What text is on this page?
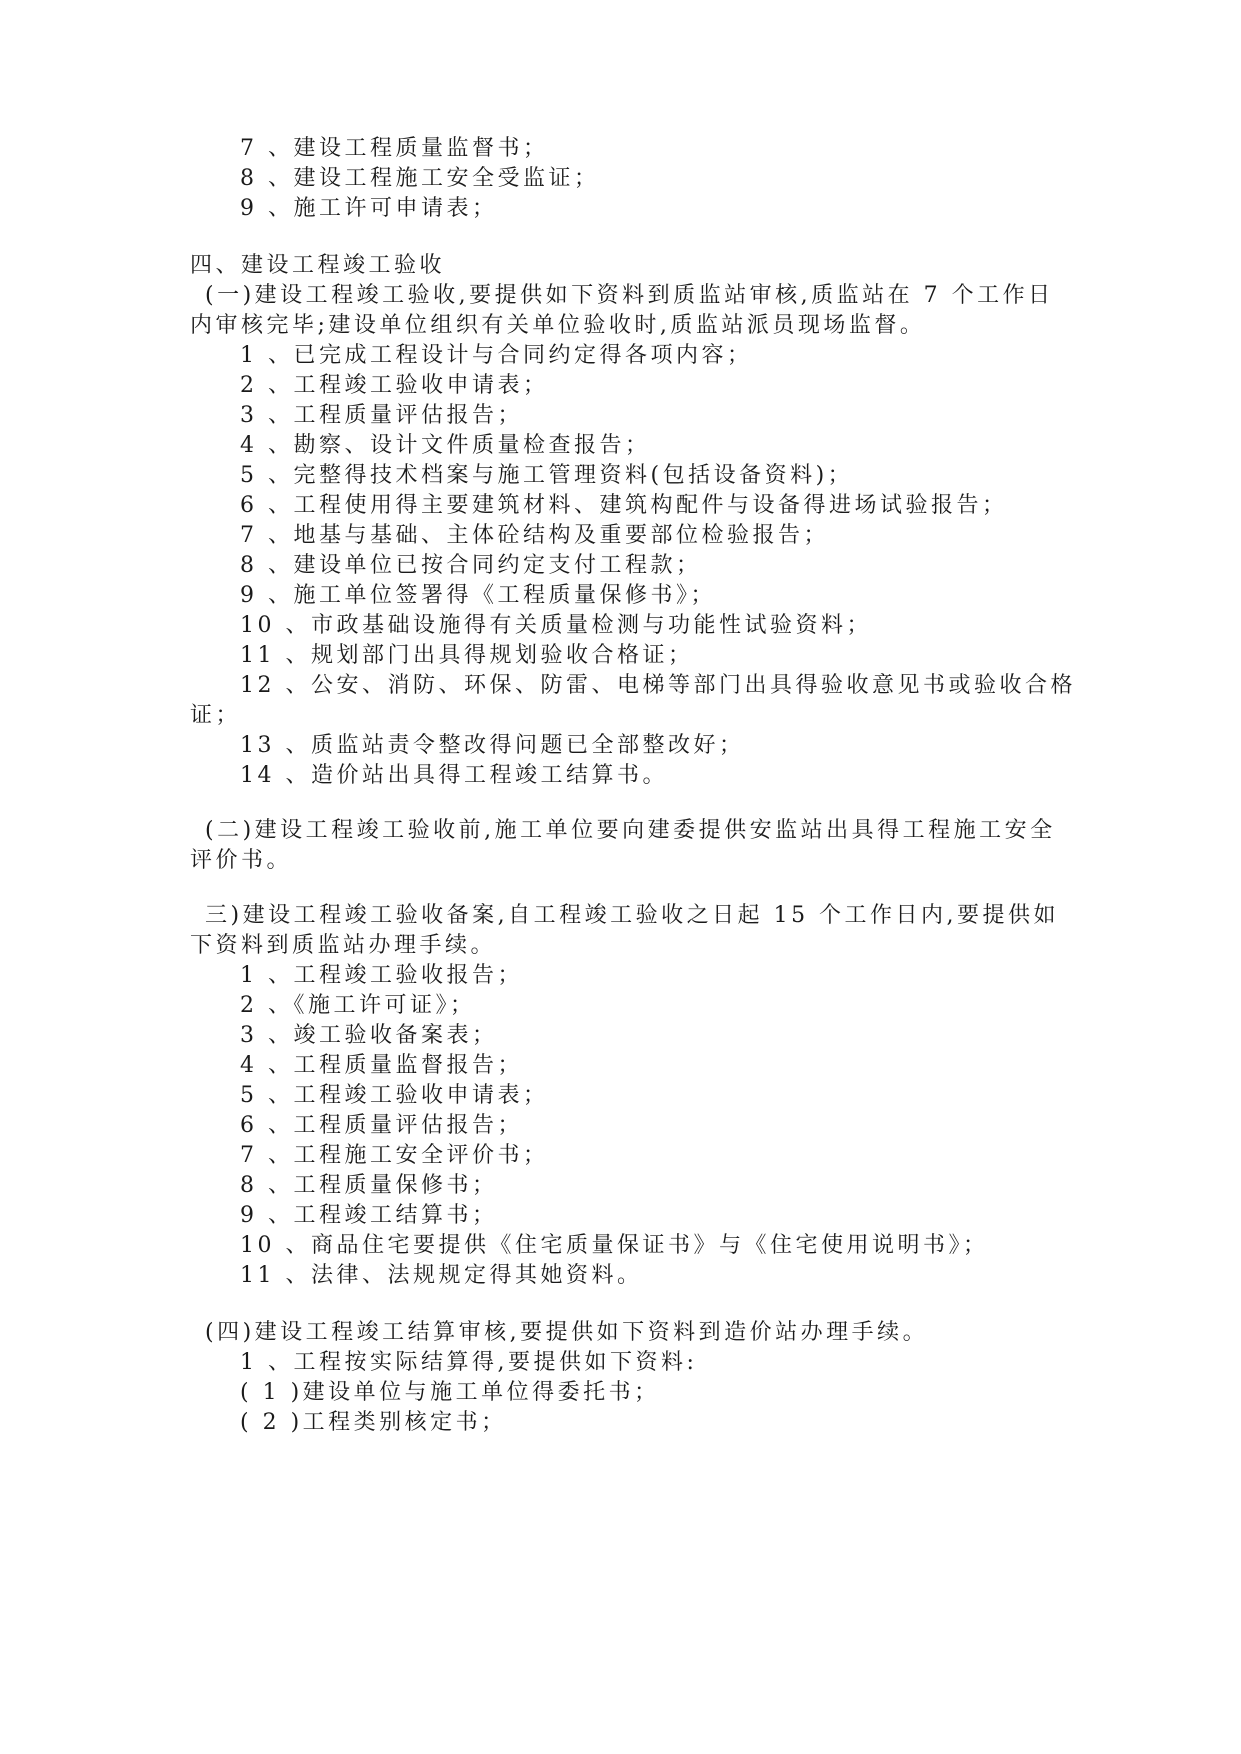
7 、建设工程质量监督书；
8 、建设工程施工安全受监证；
9 、施工许可申请表；
四、建设工程竣工验收
(一)建设工程竣工验收,要提供如下资料到质监站审核,质监站在 7 个工作日
内审核完毕;建设单位组织有关单位验收时,质监站派员现场监督。
1 、已完成工程设计与合同约定得各项内容；
2 、工程竣工验收申请表；
3 、工程质量评估报告；
4 、勘察、设计文件质量检查报告；
5 、完整得技术档案与施工管理资料(包括设备资料)；
6 、工程使用得主要建筑材料、建筑构配件与设备得进场试验报告；
7 、地基与基础、主体砼结构及重要部位检验报告；
8 、建设单位已按合同约定支付工程款；
9 、施工单位签署得《工程质量保修书》；
10 、市政基础设施得有关质量检测与功能性试验资料；
11 、规划部门出具得规划验收合格证；
12 、公安、消防、环保、防雷、电梯等部门出具得验收意见书或验收合格
证；
13 、质监站责令整改得问题已全部整改好；
14 、造价站出具得工程竣工结算书。
(二)建设工程竣工验收前,施工单位要向建委提供安监站出具得工程施工安全
评价书。
三)建设工程竣工验收备案,自工程竣工验收之日起 15 个工作日内,要提供如
下资料到质监站办理手续。
1 、工程竣工验收报告；
2 、《施工许可证》；
3 、竣工验收备案表；
4 、工程质量监督报告；
5 、工程竣工验收申请表；
6 、工程质量评估报告；
7 、工程施工安全评价书；
8 、工程质量保修书；
9 、工程竣工结算书；
10 、商品住宅要提供《住宅质量保证书》与《住宅使用说明书》；
11 、法律、法规规定得其她资料。
(四)建设工程竣工结算审核,要提供如下资料到造价站办理手续。
1 、工程按实际结算得,要提供如下资料:
( 1 )建设单位与施工单位得委托书；
( 2 )工程类别核定书；
